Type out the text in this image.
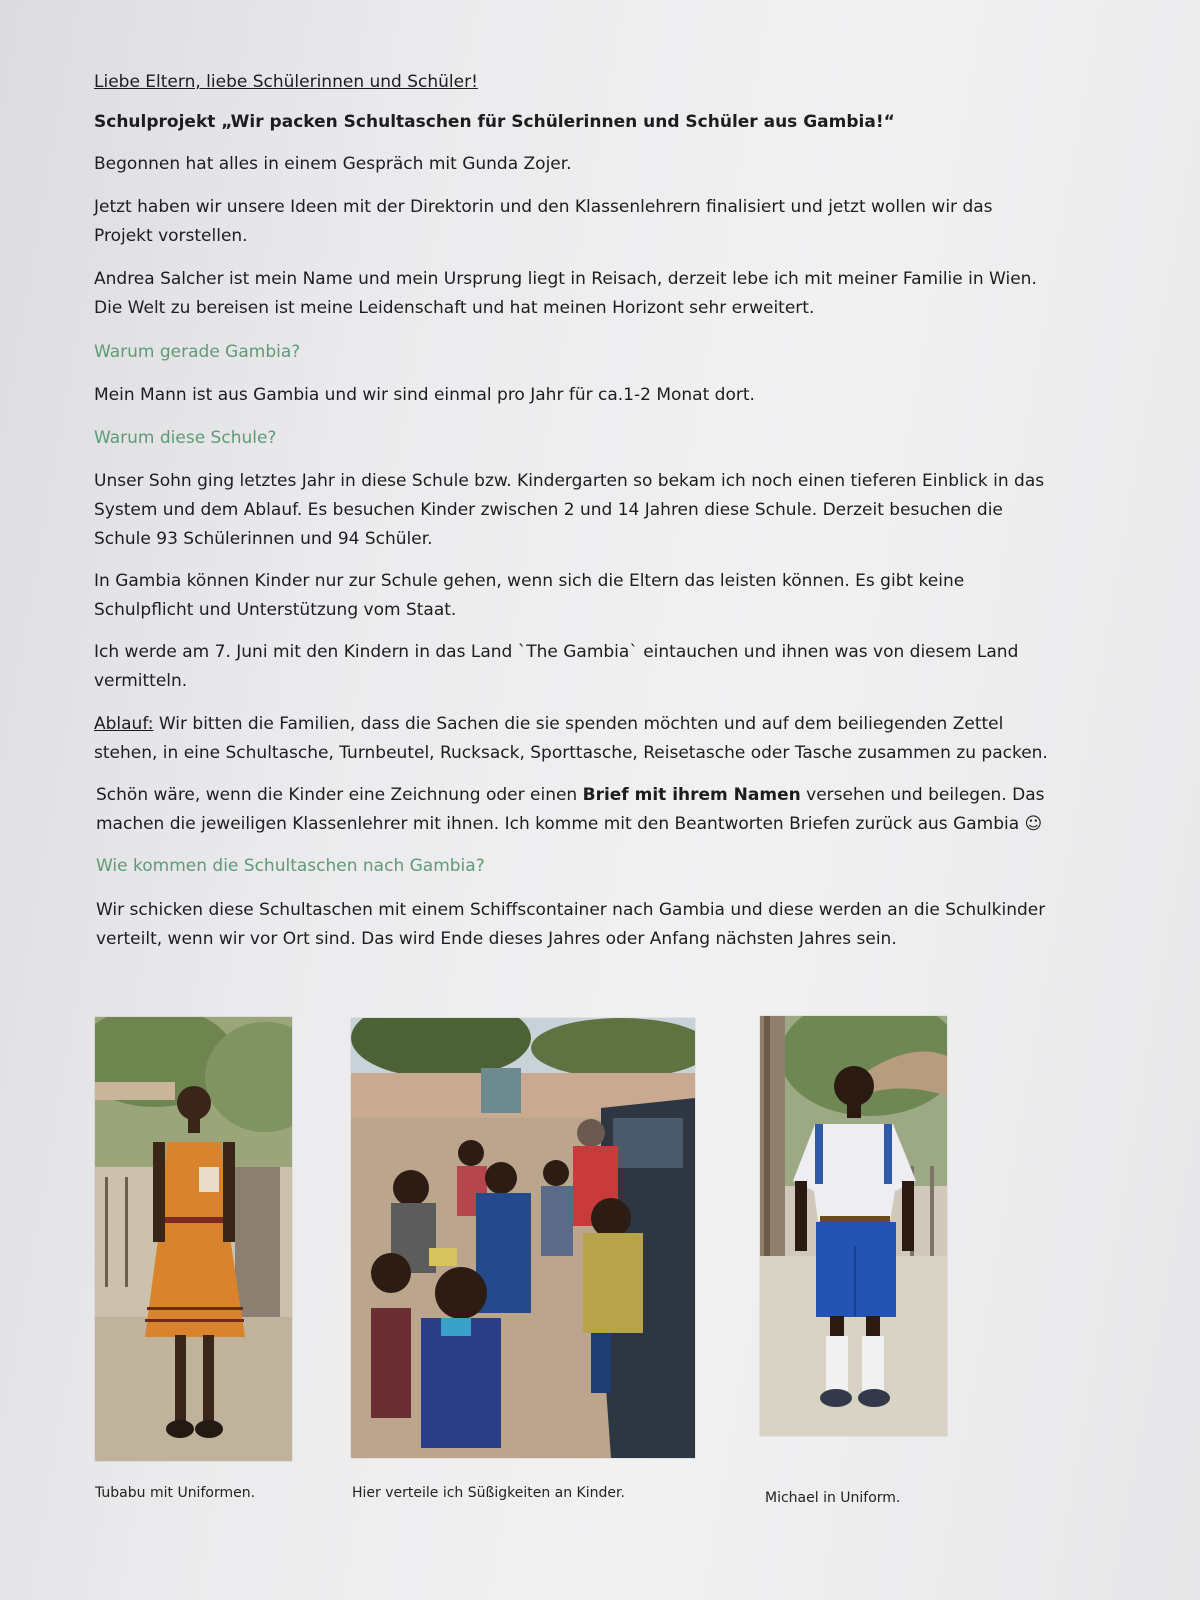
Liebe Eltern, liebe Schülerinnen und Schüler!

Schulprojekt „Wir packen Schultaschen für Schülerinnen und Schüler aus Gambia!“

Begonnen hat alles in einem Gespräch mit Gunda Zojer.

Jetzt haben wir unsere Ideen mit der Direktorin und den Klassenlehrern finalisiert und jetzt wollen wir das Projekt vorstellen.

Andrea Salcher ist mein Name und mein Ursprung liegt in Reisach, derzeit lebe ich mit meiner Familie in Wien. Die Welt zu bereisen ist meine Leidenschaft und hat meinen Horizont sehr erweitert.

Warum gerade Gambia?

Mein Mann ist aus Gambia und wir sind einmal pro Jahr für ca.1-2 Monat dort.

Warum diese Schule?

Unser Sohn ging letztes Jahr in diese Schule bzw. Kindergarten so bekam ich noch einen tieferen Einblick in das System und dem Ablauf. Es besuchen Kinder zwischen 2 und 14 Jahren diese Schule. Derzeit besuchen die Schule 93 Schülerinnen und 94 Schüler.

In Gambia können Kinder nur zur Schule gehen, wenn sich die Eltern das leisten können. Es gibt keine Schulpflicht und Unterstützung vom Staat.

Ich werde am 7. Juni mit den Kindern in das Land `The Gambia` eintauchen und ihnen was von diesem Land vermitteln.

Ablauf: Wir bitten die Familien, dass die Sachen die sie spenden möchten und auf dem beiliegenden Zettel stehen, in eine Schultasche, Turnbeutel, Rucksack, Sporttasche, Reisetasche oder Tasche zusammen zu packen.

Schön wäre, wenn die Kinder eine Zeichnung oder einen Brief mit ihrem Namen versehen und beilegen. Das machen die jeweiligen Klassenlehrer mit ihnen. Ich komme mit den Beantworten Briefen zurück aus Gambia ☺

Wie kommen die Schultaschen nach Gambia?

Wir schicken diese Schultaschen mit einem Schiffscontainer nach Gambia und diese werden an die Schulkinder verteilt, wenn wir vor Ort sind. Das wird Ende dieses Jahres oder Anfang nächsten Jahres sein.

Tubabu mit Uniformen.	Hier verteile ich Süßigkeiten an Kinder.	Michael in Uniform.
